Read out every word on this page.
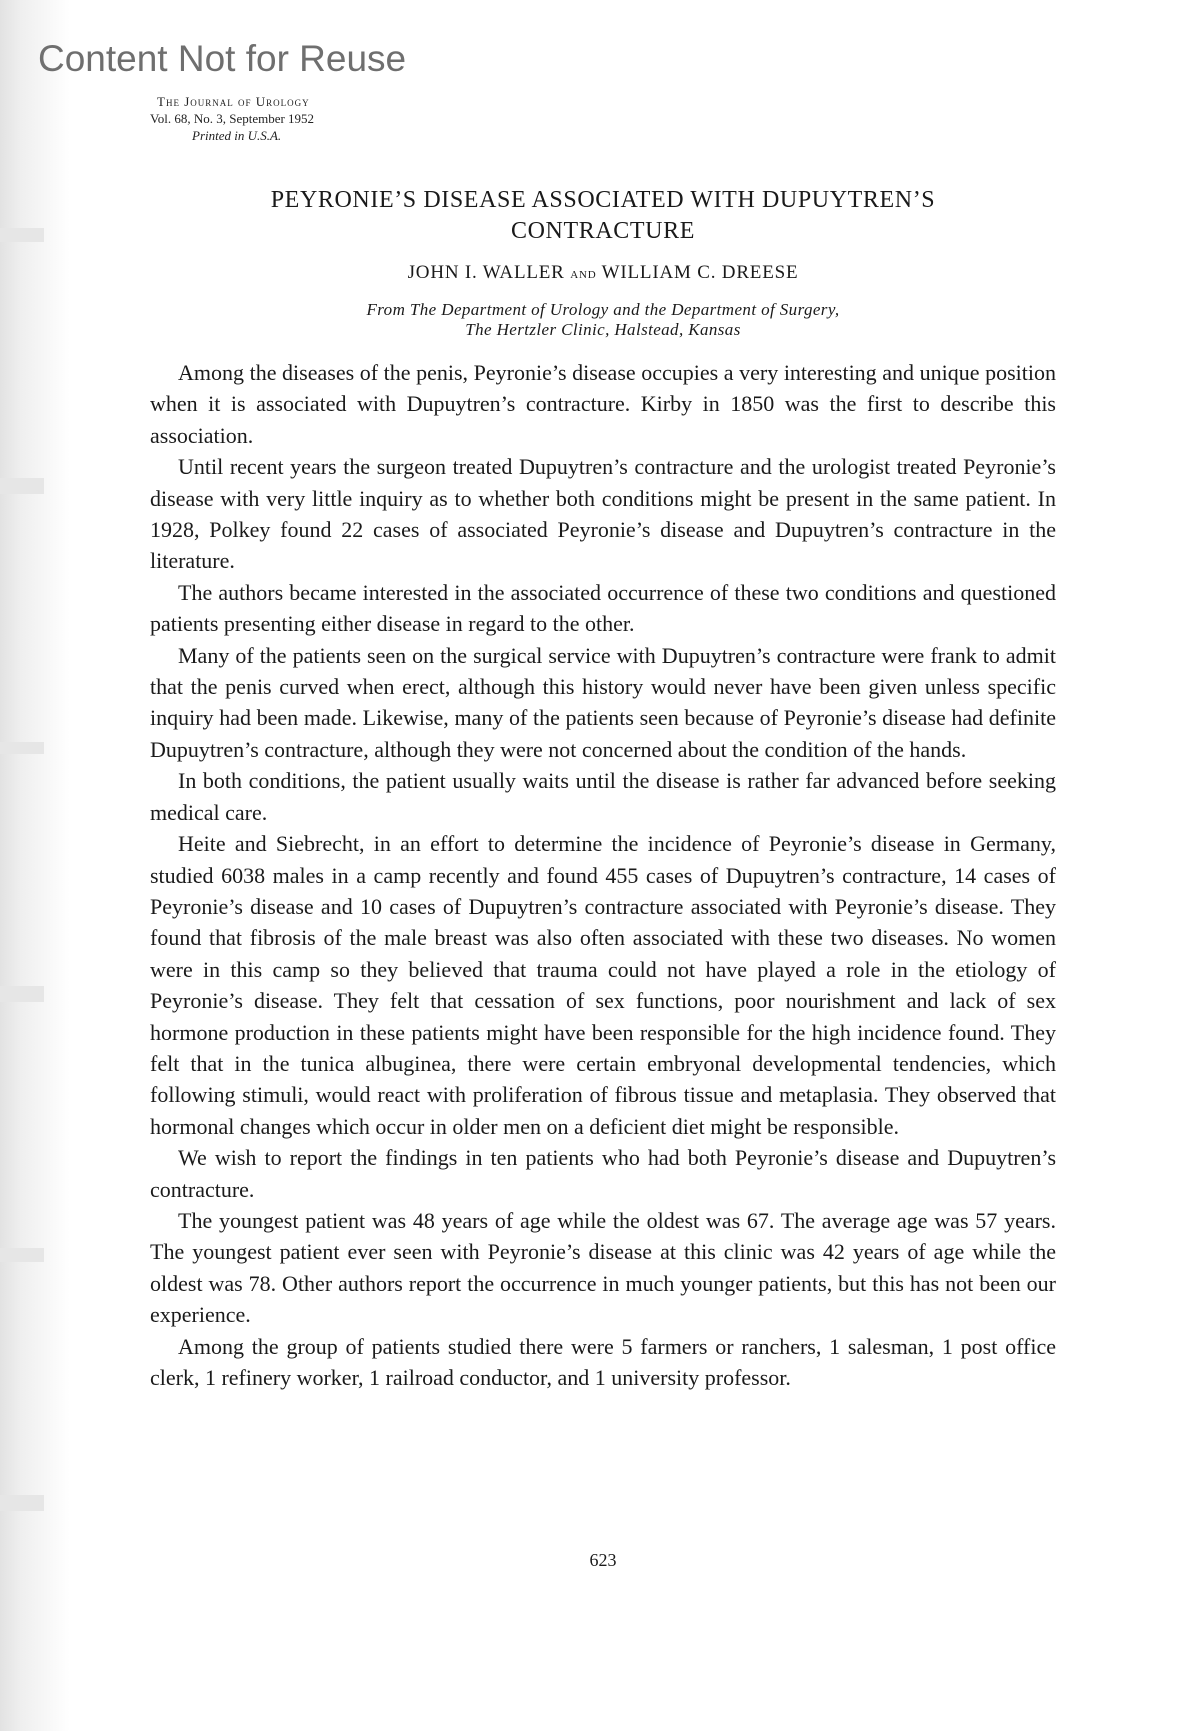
Content Not for Reuse
The Journal of Urology
Vol. 68, No. 3, September 1952
Printed in U.S.A.
PEYRONIE’S DISEASE ASSOCIATED WITH DUPUYTREN’S
CONTRACTURE
JOHN I. WALLER and WILLIAM C. DREESE
From The Department of Urology and the Department of Surgery,
The Hertzler Clinic, Halstead, Kansas

Among the diseases of the penis, Peyronie’s disease occupies a very interesting and unique position when it is associated with Dupuytren’s contracture. Kirby in 1850 was the first to describe this association.

Until recent years the surgeon treated Dupuytren’s contracture and the urologist treated Peyronie’s disease with very little inquiry as to whether both conditions might be present in the same patient. In 1928, Polkey found 22 cases of associated Peyronie’s disease and Dupuytren’s contracture in the literature.

The authors became interested in the associated occurrence of these two conditions and questioned patients presenting either disease in regard to the other.

Many of the patients seen on the surgical service with Dupuytren’s contracture were frank to admit that the penis curved when erect, although this history would never have been given unless specific inquiry had been made. Likewise, many of the patients seen because of Peyronie’s disease had definite Dupuytren’s contracture, although they were not concerned about the condition of the hands.

In both conditions, the patient usually waits until the disease is rather far advanced before seeking medical care.

Heite and Siebrecht, in an effort to determine the incidence of Peyronie’s disease in Germany, studied 6038 males in a camp recently and found 455 cases of Dupuytren’s contracture, 14 cases of Peyronie’s disease and 10 cases of Dupuytren’s contracture associated with Peyronie’s disease. They found that fibrosis of the male breast was also often associated with these two diseases. No women were in this camp so they believed that trauma could not have played a role in the etiology of Peyronie’s disease. They felt that cessation of sex functions, poor nourishment and lack of sex hormone production in these patients might have been responsible for the high incidence found. They felt that in the tunica albuginea, there were certain embryonal developmental tendencies, which following stimuli, would react with proliferation of fibrous tissue and metaplasia. They observed that hormonal changes which occur in older men on a deficient diet might be responsible.

We wish to report the findings in ten patients who had both Peyronie’s disease and Dupuytren’s contracture.

The youngest patient was 48 years of age while the oldest was 67. The average age was 57 years. The youngest patient ever seen with Peyronie’s disease at this clinic was 42 years of age while the oldest was 78. Other authors report the occurrence in much younger patients, but this has not been our experience.

Among the group of patients studied there were 5 farmers or ranchers, 1 salesman, 1 post office clerk, 1 refinery worker, 1 railroad conductor, and 1 university professor.

623
